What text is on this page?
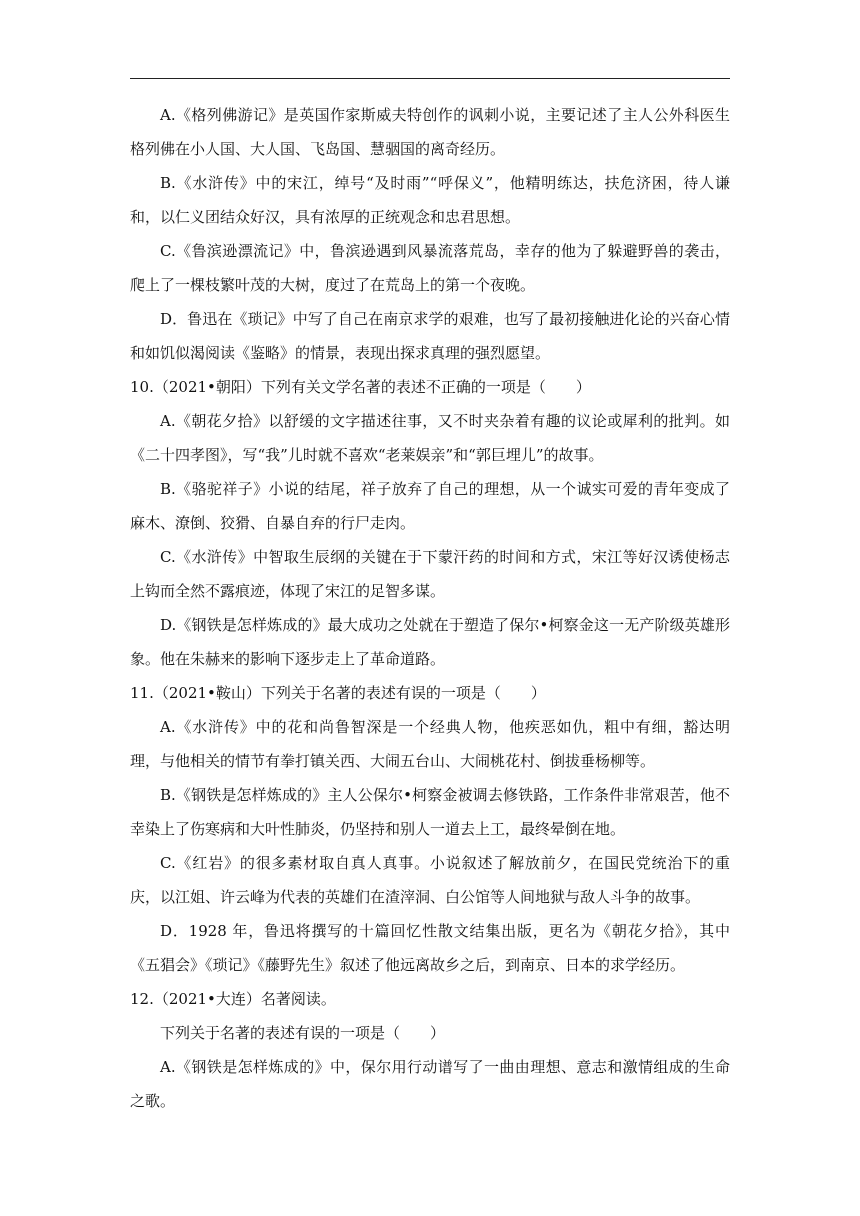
A.《格列佛游记》是英国作家斯威夫特创作的讽刺小说，主要记述了主人公外科医生格列佛在小人国、大人国、飞岛国、慧骃国的离奇经历。

B.《水浒传》中的宋江，绰号“及时雨”“呼保义”，他精明练达，扶危济困，待人谦和，以仁义团结众好汉，具有浓厚的正统观念和忠君思想。

C.《鲁滨逊漂流记》中，鲁滨逊遇到风暴流落荒岛，幸存的他为了躲避野兽的袭击，爬上了一棵枝繁叶茂的大树，度过了在荒岛上的第一个夜晚。

D．鲁迅在《琐记》中写了自己在南京求学的艰难，也写了最初接触进化论的兴奋心情和如饥似渴阅读《鉴略》的情景，表现出探求真理的强烈愿望。

10.（2021•朝阳）下列有关文学名著的表述不正确的一项是（　　）

A.《朝花夕拾》以舒缓的文字描述往事，又不时夹杂着有趣的议论或犀利的批判。如《二十四孝图》，写“我”儿时就不喜欢“老莱娱亲”和“郭巨埋儿”的故事。

B.《骆驼祥子》小说的结尾，祥子放弃了自己的理想，从一个诚实可爱的青年变成了麻木、潦倒、狡猾、自暴自弃的行尸走肉。

C.《水浒传》中智取生辰纲的关键在于下蒙汗药的时间和方式，宋江等好汉诱使杨志上钩而全然不露痕迹，体现了宋江的足智多谋。

D.《钢铁是怎样炼成的》最大成功之处就在于塑造了保尔•柯察金这一无产阶级英雄形象。他在朱赫来的影响下逐步走上了革命道路。

11.（2021•鞍山）下列关于名著的表述有误的一项是（　　）

A.《水浒传》中的花和尚鲁智深是一个经典人物，他疾恶如仇，粗中有细，豁达明理，与他相关的情节有拳打镇关西、大闹五台山、大闹桃花村、倒拔垂杨柳等。

B.《钢铁是怎样炼成的》主人公保尔•柯察金被调去修铁路，工作条件非常艰苦，他不幸染上了伤寒病和大叶性肺炎，仍坚持和别人一道去上工，最终晕倒在地。

C.《红岩》的很多素材取自真人真事。小说叙述了解放前夕，在国民党统治下的重庆，以江姐、许云峰为代表的英雄们在渣滓洞、白公馆等人间地狱与敌人斗争的故事。

D．1928 年，鲁迅将撰写的十篇回忆性散文结集出版，更名为《朝花夕拾》，其中《五猖会》《琐记》《藤野先生》叙述了他远离故乡之后，到南京、日本的求学经历。

12.（2021•大连）名著阅读。

下列关于名著的表述有误的一项是（　　）

A.《钢铁是怎样炼成的》中，保尔用行动谱写了一曲由理想、意志和激情组成的生命之歌。
